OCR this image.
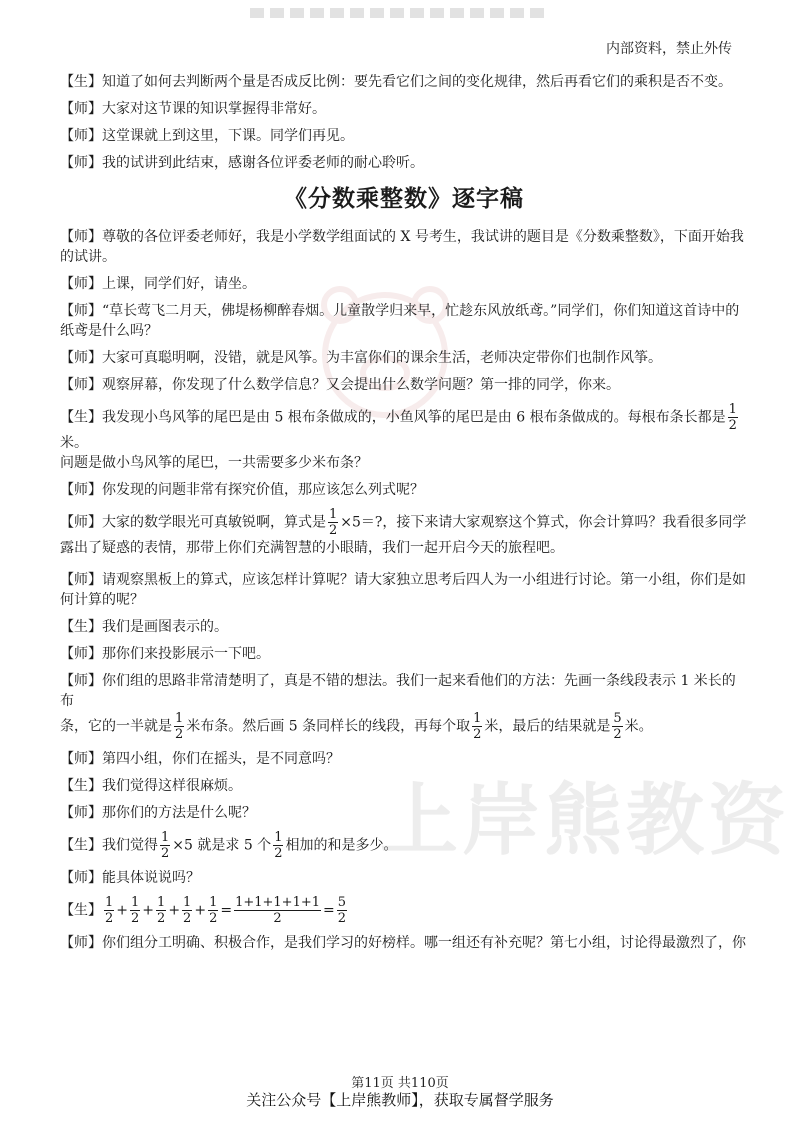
内部资料，禁止外传
上岸熊教资

【生】知道了如何去判断两个量是否成反比例：要先看它们之间的变化规律，然后再看它们的乘积是否不变。

【师】大家对这节课的知识掌握得非常好。

【师】这堂课就上到这里，下课。同学们再见。

【师】我的试讲到此结束，感谢各位评委老师的耐心聆听。

《分数乘整数》逐字稿

【师】尊敬的各位评委老师好，我是小学数学组面试的 X 号考生，我试讲的题目是《分数乘整数》，下面开始我的试讲。

【师】上课，同学们好，请坐。

【师】“草长莺飞二月天，佛堤杨柳醉春烟。儿童散学归来早，忙趁东风放纸鸢。”同学们，你们知道这首诗中的纸鸢是什么吗？

【师】大家可真聪明啊，没错，就是风筝。为丰富你们的课余生活，老师决定带你们也制作风筝。

【师】观察屏幕，你发现了什么数学信息？又会提出什么数学问题？第一排的同学，你来。

【生】我发现小鸟风筝的尾巴是由 5 根布条做成的，小鱼风筝的尾巴是由 6 根布条做成的。每根布条长都是 $\frac{1}{2}$
米。
问题是做小鸟风筝的尾巴，一共需要多少米布条？

【师】你发现的问题非常有探究价值，那应该怎么列式呢？

【师】大家的数学眼光可真敏锐啊，算式是 $\frac{1}{2} \times 5=$?，接下来请大家观察这个算式，你会计算吗？我看很多同学
露出了疑惑的表情，那带上你们充满智慧的小眼睛，我们一起开启今天的旅程吧。

【师】请观察黑板上的算式，应该怎样计算呢？请大家独立思考后四人为一小组进行讨论。第一小组，你们是如何计算的呢？

【生】我们是画图表示的。

【师】那你们来投影展示一下吧。

【师】你们组的思路非常清楚明了，真是不错的想法。我们一起来看他们的方法：先画一条线段表示 1 米长的布
条，它的一半就是 $\frac{1}{2}$ 米布条。然后画 5 条同样长的线段，再每个取 $\frac{1}{2}$ 米，最后的结果就是 $\frac{5}{2}$ 米。

【师】第四小组，你们在摇头，是不同意吗？

【生】我们觉得这样很麻烦。

【师】那你们的方法是什么呢？

【生】我们觉得 $\frac{1}{2} \times 5$ 就是求 5 个 $\frac{1}{2}$ 相加的和是多少。

【师】能具体说说吗？

【生】 $\frac{1}{2} + \frac{1}{2} + \frac{1}{2} + \frac{1}{2} + \frac{1}{2} = \frac{1+1+1+1+1}{2} = \frac{5}{2}$

【师】你们组分工明确、积极合作，是我们学习的好榜样。哪一组还有补充呢？第七小组，讨论得最激烈了，你

第11页 共110页
关注公众号【上岸熊教师】，获取专属督学服务
